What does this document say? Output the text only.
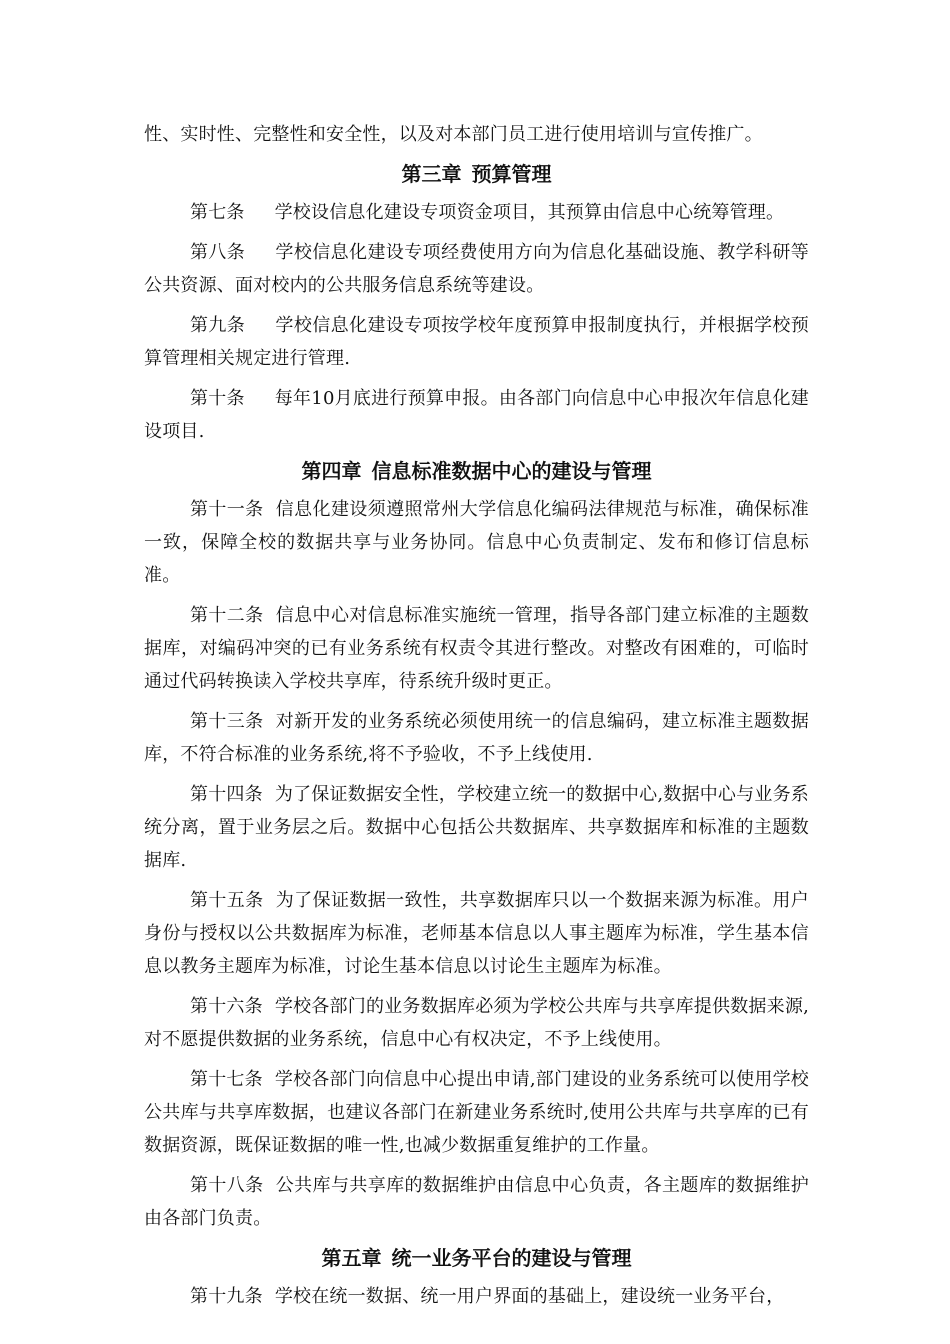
性、实时性、完整性和安全性，以及对本部门员工进行使用培训与宣传推广。

第三章 预算管理

第七条 学校设信息化建设专项资金项目，其预算由信息中心统筹管理。

第八条 学校信息化建设专项经费使用方向为信息化基础设施、教学科研等公共资源、面对校内的公共服务信息系统等建设。

第九条 学校信息化建设专项按学校年度预算申报制度执行，并根据学校预算管理相关规定进行管理.

第十条 每年10月底进行预算申报。由各部门向信息中心申报次年信息化建设项目.

第四章 信息标准数据中心的建设与管理

第十一条 信息化建设须遵照常州大学信息化编码法律规范与标准，确保标准一致，保障全校的数据共享与业务协同。信息中心负责制定、发布和修订信息标准。

第十二条 信息中心对信息标准实施统一管理，指导各部门建立标准的主题数据库，对编码冲突的已有业务系统有权责令其进行整改。对整改有困难的，可临时通过代码转换读入学校共享库，待系统升级时更正。

第十三条 对新开发的业务系统必须使用统一的信息编码，建立标准主题数据库，不符合标准的业务系统,将不予验收，不予上线使用.

第十四条 为了保证数据安全性，学校建立统一的数据中心,数据中心与业务系统分离，置于业务层之后。数据中心包括公共数据库、共享数据库和标准的主题数据库.

第十五条 为了保证数据一致性，共享数据库只以一个数据来源为标准。用户身份与授权以公共数据库为标准，老师基本信息以人事主题库为标准，学生基本信息以教务主题库为标准，讨论生基本信息以讨论生主题库为标准。

第十六条 学校各部门的业务数据库必须为学校公共库与共享库提供数据来源,对不愿提供数据的业务系统，信息中心有权决定，不予上线使用。

第十七条 学校各部门向信息中心提出申请,部门建设的业务系统可以使用学校公共库与共享库数据，也建议各部门在新建业务系统时,使用公共库与共享库的已有数据资源，既保证数据的唯一性,也减少数据重复维护的工作量。

第十八条 公共库与共享库的数据维护由信息中心负责，各主题库的数据维护由各部门负责。

第五章 统一业务平台的建设与管理

第十九条 学校在统一数据、统一用户界面的基础上，建设统一业务平台，
